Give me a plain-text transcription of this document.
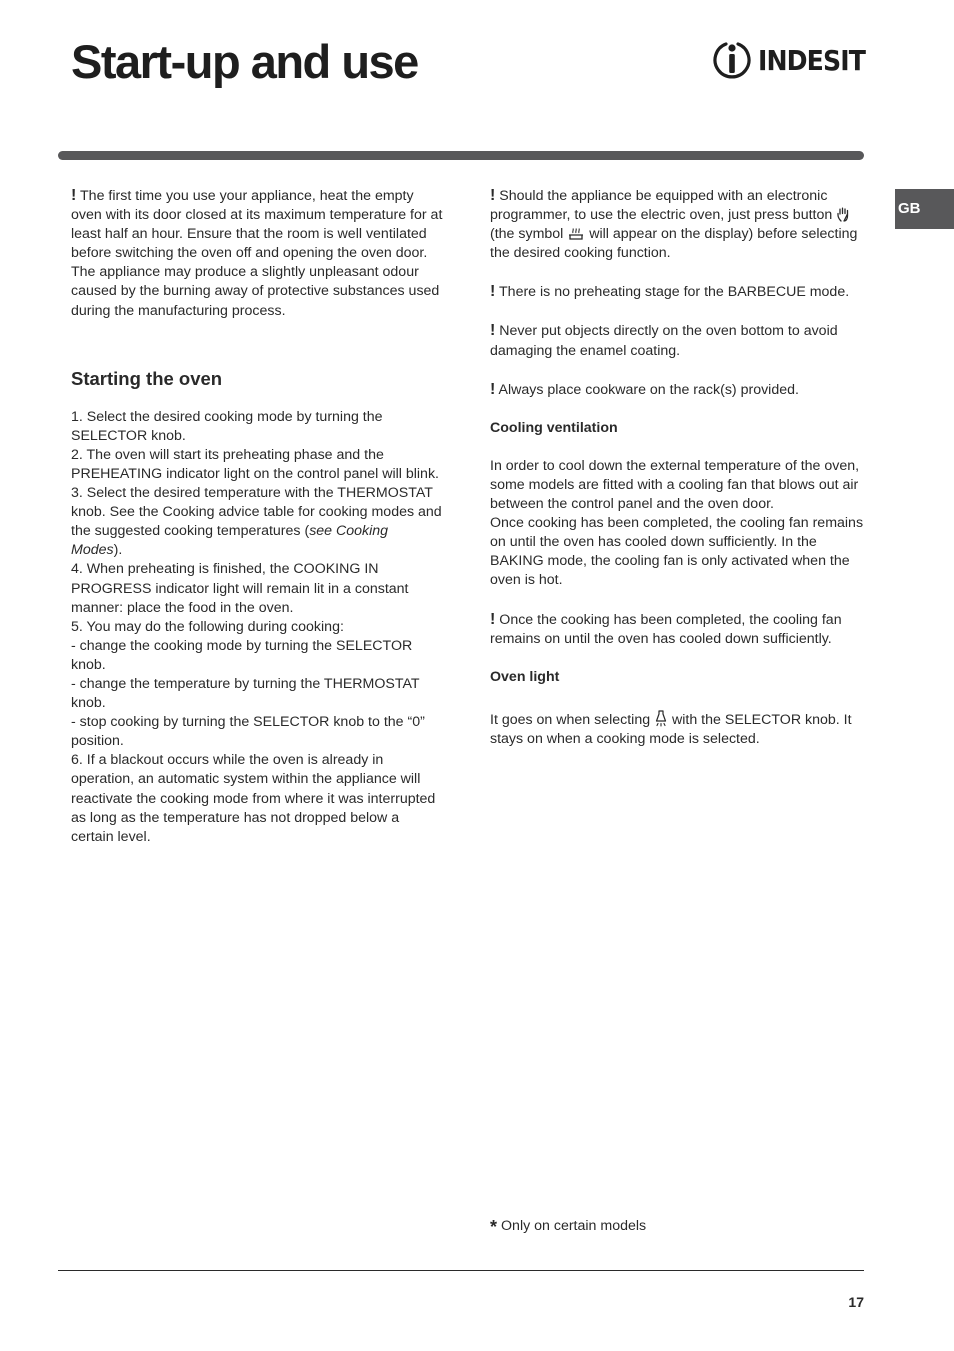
Start-up and use	INDESIT
GB

! The first time you use your appliance, heat the empty oven with its door closed at its maximum temperature for at least half an hour. Ensure that the room is well ventilated before switching the oven off and opening the oven door. The appliance may produce a slightly unpleasant odour caused by the burning away of protective substances used during the manufacturing process.

Starting the oven

1. Select the desired cooking mode by turning the SELECTOR knob.

2. The oven will start its preheating phase and the PREHEATING indicator light on the control panel will blink.

3. Select the desired temperature with the THERMOSTAT knob. See the Cooking advice table for cooking modes and the suggested cooking temperatures (see Cooking Modes).

4. When preheating is finished, the COOKING IN PROGRESS indicator light will remain lit in a constant manner: place the food in the oven.

5. You may do the following during cooking:

- change the cooking mode by turning the SELECTOR knob.

- change the temperature by turning the THERMOSTAT knob.

- stop cooking by turning the SELECTOR knob to the “0” position.

6. If a blackout occurs while the oven is already in operation, an automatic system within the appliance will reactivate the cooking mode from where it was interrupted as long as the temperature has not dropped below a certain level.

! Should the appliance be equipped with an electronic programmer, to use the electric oven, just press button  (the symbol will appear on the display) before selecting the desired cooking function.

! There is no preheating stage for the BARBECUE mode.

! Never put objects directly on the oven bottom to avoid damaging the enamel coating.

! Always place cookware on the rack(s) provided.

Cooling ventilation

In order to cool down the external temperature of the oven, some models are fitted with a cooling fan that blows out air between the control panel and the oven door.

Once cooking has been completed, the cooling fan remains on until the oven has cooled down sufficiently. In the BAKING mode, the cooling fan is only activated when the oven is hot.

! Once the cooking has been completed, the cooling fan remains on until the oven has cooled down sufficiently.

Oven light

It goes on when selecting with the SELECTOR knob. It stays on when a cooking mode is selected.

* Only on certain models
17
